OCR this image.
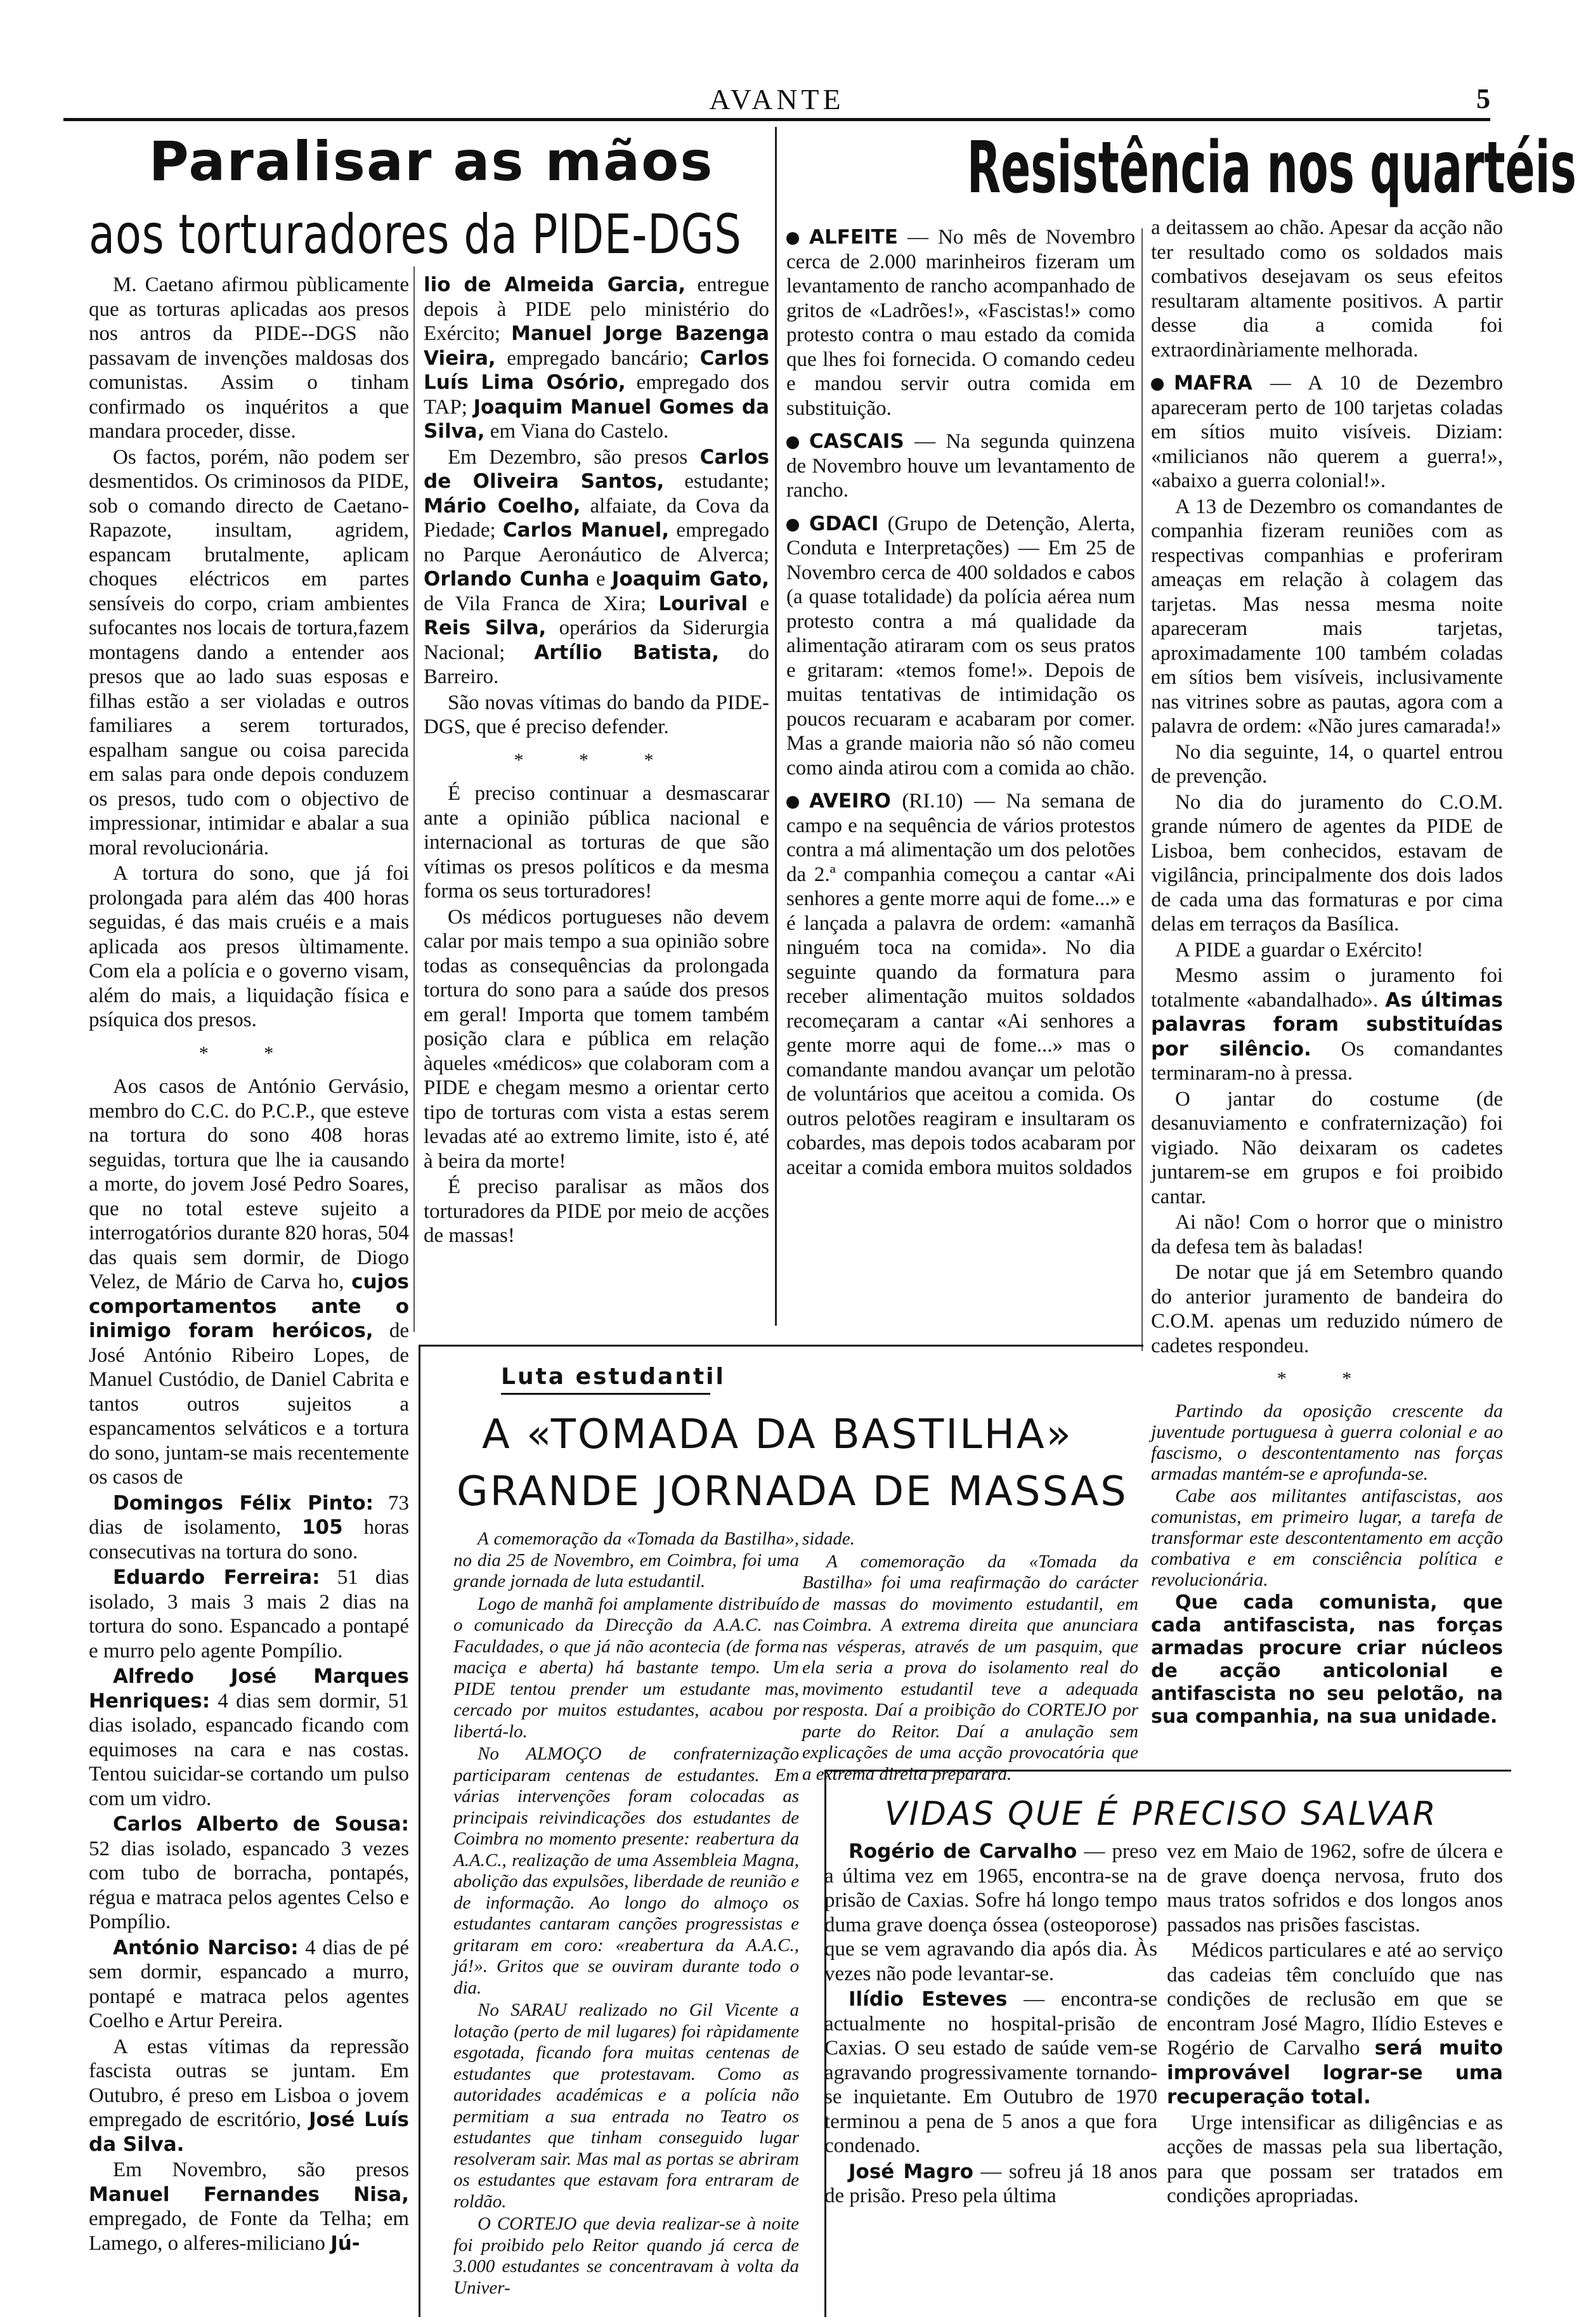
AVANTE	5
Paralisar as mãos
aos torturadores da PIDE-DGS
Resistência nos quartéis

M. Caetano afirmou pùblicamente que as torturas aplicadas aos presos nos antros da PIDE--DGS não passavam de invenções maldosas dos comunistas. Assim o tinham confirmado os inquéritos a que mandara proceder, disse.

Os factos, porém, não podem ser desmentidos. Os criminosos da PIDE, sob o comando directo de Caetano-Rapazote, insultam, agridem, espancam brutalmente, aplicam choques eléctricos em partes sensíveis do corpo, criam ambientes sufocantes nos locais de tortura,fazem montagens dando a entender aos presos que ao lado suas esposas e filhas estão a ser violadas e outros familiares a serem torturados, espalham sangue ou coisa parecida em salas para onde depois conduzem os presos, tudo com o objectivo de impressionar, intimidar e abalar a sua moral revolucionária.

A tortura do sono, que já foi prolongada para além das 400 horas seguidas, é das mais cruéis e a mais aplicada aos presos ùltimamente. Com ela a polícia e o governo visam, além do mais, a liquidação física e psíquica dos presos.

* *

Aos casos de António Gervásio, membro do C.C. do P.C.P., que esteve na tortura do sono 408 horas seguidas, tortura que lhe ia causando a morte, do jovem José Pedro Soares, que no total esteve sujeito a interrogatórios durante 820 horas, 504 das quais sem dormir, de Diogo Velez, de Mário de Carva ho, cujos comportamentos ante o inimigo foram heróicos, de José António Ribeiro Lopes, de Manuel Custódio, de Daniel Cabrita e tantos outros sujeitos a espancamentos selváticos e a tortura do sono, juntam-se mais recentemente os casos de

Domingos Félix Pinto: 73 dias de isolamento, 105 horas consecutivas na tortura do sono.

Eduardo Ferreira: 51 dias isolado, 3 mais 3 mais 2 dias na tortura do sono. Espancado a pontapé e murro pelo agente Pompílio.

Alfredo José Marques Henriques: 4 dias sem dormir, 51 dias isolado, espancado ficando com equimoses na cara e nas costas. Tentou suicidar-se cortando um pulso com um vidro.

Carlos Alberto de Sousa: 52 dias isolado, espancado 3 vezes com tubo de borracha, pontapés, régua e matraca pelos agentes Celso e Pompílio.

António Narciso: 4 dias de pé sem dormir, espancado a murro, pontapé e matraca pelos agentes Coelho e Artur Pereira.

A estas vítimas da repressão fascista outras se juntam. Em Outubro, é preso em Lisboa o jovem empregado de escritório, José Luís da Silva.

Em Novembro, são presos Manuel Fernandes Nisa, empregado, de Fonte da Telha; em Lamego, o alferes-miliciano Jú-

lio de Almeida Garcia, entregue depois à PIDE pelo ministério do Exército; Manuel Jorge Bazenga Vieira, empregado bancário; Carlos Luís Lima Osório, empregado dos TAP; Joaquim Manuel Gomes da Silva, em Viana do Castelo.

Em Dezembro, são presos Carlos de Oliveira Santos, estudante; Mário Coelho, alfaiate, da Cova da Piedade; Carlos Manuel, empregado no Parque Aeronáutico de Alverca; Orlando Cunha e Joaquim Gato, de Vila Franca de Xira; Lourival e Reis Silva, operários da Siderurgia Nacional; Artílio Batista, do Barreiro.

São novas vítimas do bando da PIDE-DGS, que é preciso defender.

* * *

É preciso continuar a desmascarar ante a opinião pública nacional e internacional as torturas de que são vítimas os presos políticos e da mesma forma os seus torturadores!

Os médicos portugueses não devem calar por mais tempo a sua opinião sobre todas as consequências da prolongada tortura do sono para a saúde dos presos em geral! Importa que tomem também posição clara e pública em relação àqueles «médicos» que colaboram com a PIDE e chegam mesmo a orientar certo tipo de torturas com vista a estas serem levadas até ao extremo limite, isto é, até à beira da morte!

É preciso paralisar as mãos dos torturadores da PIDE por meio de acções de massas!

ALFEITE — No mês de Novembro cerca de 2.000 marinheiros fizeram um levantamento de rancho acompanhado de gritos de «Ladrões!», «Fascistas!» como protesto contra o mau estado da comida que lhes foi fornecida. O comando cedeu e mandou servir outra comida em substituição.

CASCAIS — Na segunda quinzena de Novembro houve um levantamento de rancho.

GDACI (Grupo de Detenção, Alerta, Conduta e Interpretações) — Em 25 de Novembro cerca de 400 soldados e cabos (a quase totalidade) da polícia aérea num protesto contra a má qualidade da alimentação atiraram com os seus pratos e gritaram: «temos fome!». Depois de muitas tentativas de intimidação os poucos recuaram e acabaram por comer. Mas a grande maioria não só não comeu como ainda atirou com a comida ao chão.

AVEIRO (RI.10) — Na semana de campo e na sequência de vários protestos contra a má alimentação um dos pelotões da 2.ª companhia começou a cantar «Ai senhores a gente morre aqui de fome...» e é lançada a palavra de ordem: «amanhã ninguém toca na comida». No dia seguinte quando da formatura para receber alimentação muitos soldados recomeçaram a cantar «Ai senhores a gente morre aqui de fome...» mas o comandante mandou avançar um pelotão de voluntários que aceitou a comida. Os outros pelotões reagiram e insultaram os cobardes, mas depois todos acabaram por aceitar a comida embora muitos soldados

a deitassem ao chão. Apesar da acção não ter resultado como os soldados mais combativos desejavam os seus efeitos resultaram altamente positivos. A partir desse dia a comida foi extraordinàriamente melhorada.

MAFRA — A 10 de Dezembro apareceram perto de 100 tarjetas coladas em sítios muito visíveis. Diziam: «milicianos não querem a guerra!», «abaixo a guerra colonial!».

A 13 de Dezembro os comandantes de companhia fizeram reuniões com as respectivas companhias e proferiram ameaças em relação à colagem das tarjetas. Mas nessa mesma noite apareceram mais tarjetas, aproximadamente 100 também coladas em sítios bem visíveis, inclusivamente nas vitrines sobre as pautas, agora com a palavra de ordem: «Não jures camarada!»

No dia seguinte, 14, o quartel entrou de prevenção.

No dia do juramento do C.O.M. grande número de agentes da PIDE de Lisboa, bem conhecidos, estavam de vigilância, principalmente dos dois lados de cada uma das formaturas e por cima delas em terraços da Basílica.

A PIDE a guardar o Exército!

Mesmo assim o juramento foi totalmente «abandalhado». As últimas palavras foram substituídas por silêncio. Os comandantes terminaram-no à pressa.

O jantar do costume (de desanuviamento e confraternização) foi vigiado. Não deixaram os cadetes juntarem-se em grupos e foi proibido cantar.

Ai não! Com o horror que o ministro da defesa tem às baladas!

De notar que já em Setembro quando do anterior juramento de bandeira do C.O.M. apenas um reduzido número de cadetes respondeu.

* *

Partindo da oposição crescente da juventude portuguesa à guerra colonial e ao fascismo, o descontentamento nas forças armadas mantém-se e aprofunda-se.

Cabe aos militantes antifascistas, aos comunistas, em primeiro lugar, a tarefa de transformar este descontentamento em acção combativa e em consciência política e revolucionária.

Que cada comunista, que cada antifascista, nas forças armadas procure criar núcleos de acção anticolonial e antifascista no seu pelotão, na sua companhia, na sua unidade.

Luta estudantil
A «TOMADA DA BASTILHA»
GRANDE JORNADA DE MASSAS

A comemoração da «Tomada da Bastilha», no dia 25 de Novembro, em Coimbra, foi uma grande jornada de luta estudantil.

Logo de manhã foi amplamente distribuído o comunicado da Direcção da A.A.C. nas Faculdades, o que já não acontecia (de forma maciça e aberta) há bastante tempo. Um PIDE tentou prender um estudante mas, cercado por muitos estudantes, acabou por libertá-lo.

No ALMOÇO de confraternização participaram centenas de estudantes. Em várias intervenções foram colocadas as principais reivindicações dos estudantes de Coimbra no momento presente: reabertura da A.A.C., realização de uma Assembleia Magna, abolição das expulsões, liberdade de reunião e de informação. Ao longo do almoço os estudantes cantaram canções progressistas e gritaram em coro: «reabertura da A.A.C., já!». Gritos que se ouviram durante todo o dia.

No SARAU realizado no Gil Vicente a lotação (perto de mil lugares) foi ràpidamente esgotada, ficando fora muitas centenas de estudantes que protestavam. Como as autoridades académicas e a polícia não permitiam a sua entrada no Teatro os estudantes que tinham conseguido lugar resolveram sair. Mas mal as portas se abriram os estudantes que estavam fora entraram de roldão.

O CORTEJO que devia realizar-se à noite foi proibido pelo Reitor quando já cerca de 3.000 estudantes se concentravam à volta da Univer-

sidade.

A comemoração da «Tomada da Bastilha» foi uma reafirmação do carácter de massas do movimento estudantil, em Coimbra. A extrema direita que anunciara nas vésperas, através de um pasquim, que ela seria a prova do isolamento real do movimento estudantil teve a adequada resposta. Daí a proibição do CORTEJO por parte do Reitor. Daí a anulação sem explicações de uma acção provocatória que a extrema direita preparara.

VIDAS QUE É PRECISO SALVAR

Rogério de Carvalho — preso a última vez em 1965, encontra-se na prisão de Caxias. Sofre há longo tempo duma grave doença óssea (osteoporose) que se vem agravando dia após dia. Às vezes não pode levantar-se.

Ilídio Esteves — encontra-se actualmente no hospital-prisão de Caxias. O seu estado de saúde vem-se agravando progressivamente tornando-se inquietante. Em Outubro de 1970 terminou a pena de 5 anos a que fora condenado.

José Magro — sofreu já 18 anos de prisão. Preso pela última

vez em Maio de 1962, sofre de úlcera e de grave doença nervosa, fruto dos maus tratos sofridos e dos longos anos passados nas prisões fascistas.

Médicos particulares e até ao serviço das cadeias têm concluído que nas condições de reclusão em que se encontram José Magro, Ilídio Esteves e Rogério de Carvalho será muito improvável lograr-se uma recuperação total.

Urge intensificar as diligências e as acções de massas pela sua libertação, para que possam ser tratados em condições apropriadas.
